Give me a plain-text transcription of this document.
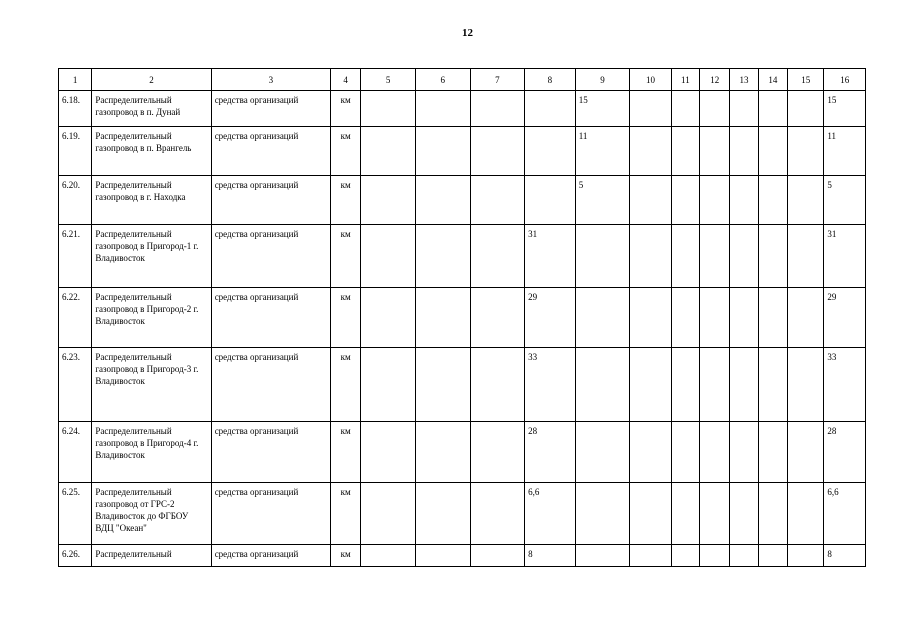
12
1	2	3	4	5	6	7	8	9	10	11	12	13	14	15	16
6.18.	Распределительный газопровод в п. Дунай	средства организаций	км					15							15
6.19.	Распределительный газопровод в п. Врангель	средства организаций	км					11							11
6.20.	Распределительный газопровод в г. Находка	средства организаций	км					5							5
6.21.	Распределительный газопровод в Пригород-1 г. Владивосток	средства организаций	км				31								31
6.22.	Распределительный газопровод в Пригород-2 г. Владивосток	средства организаций	км				29								29
6.23.	Распределительный газопровод в Пригород-3 г. Владивосток	средства организаций	км				33								33
6.24.	Распределительный газопровод в Пригород-4 г. Владивосток	средства организаций	км				28								28
6.25.	Распределительный газопровод от ГРС-2 Владивосток до ФГБОУ ВДЦ "Океан"	средства организаций	км				6,6								6,6
6.26.	Распределительный	средства организаций	км				8								8
